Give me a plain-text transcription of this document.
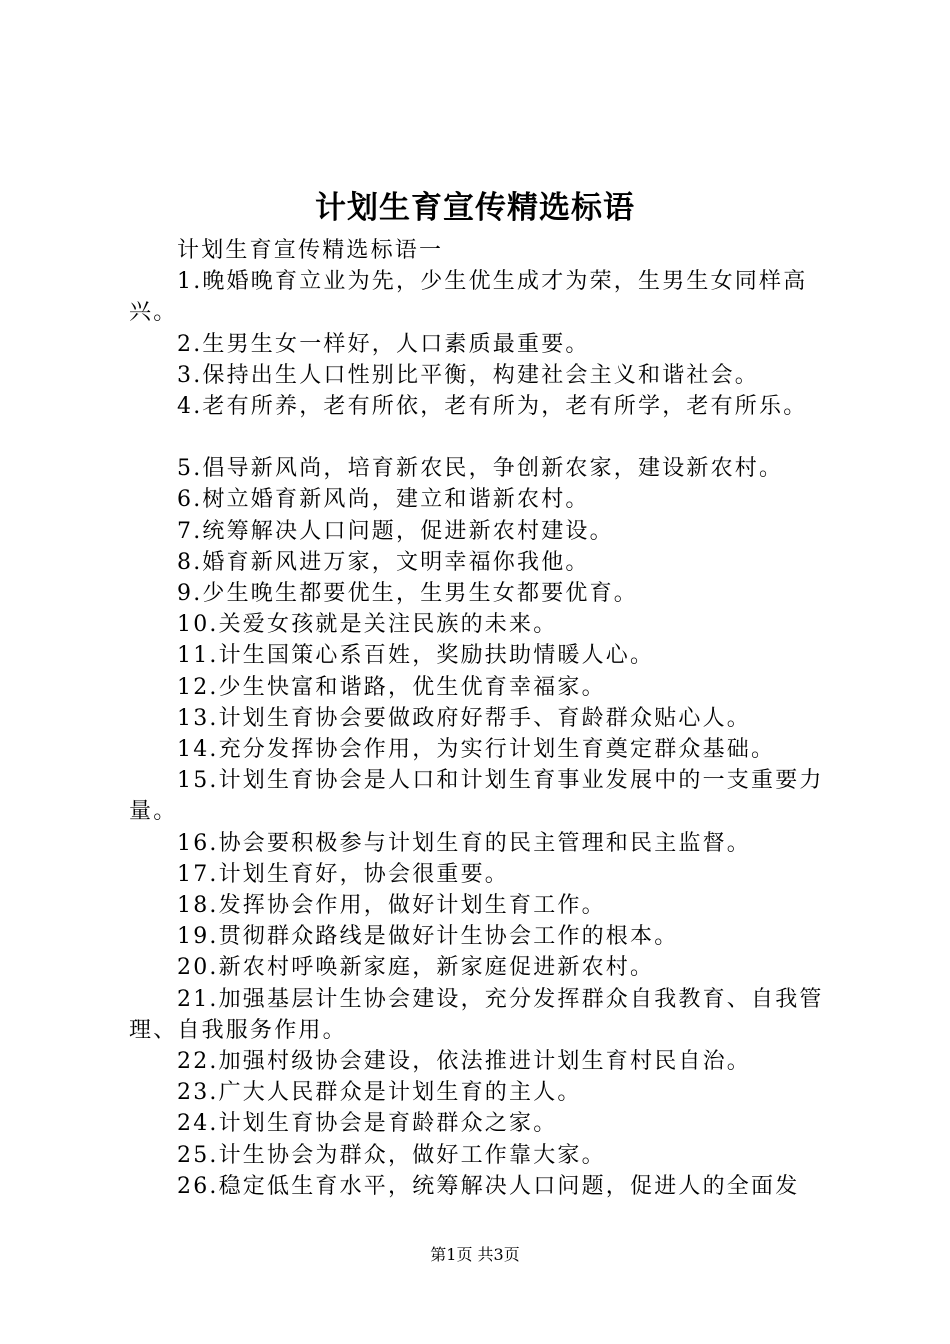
计划生育宣传精选标语

计划生育宣传精选标语一

1.晚婚晚育立业为先，少生优生成才为荣，生男生女同样高兴。

2.生男生女一样好，人口素质最重要。

3.保持出生人口性别比平衡，构建社会主义和谐社会。

4.老有所养，老有所依，老有所为，老有所学，老有所乐。

5.倡导新风尚，培育新农民，争创新农家，建设新农村。

6.树立婚育新风尚，建立和谐新农村。

7.统筹解决人口问题，促进新农村建设。

8.婚育新风进万家，文明幸福你我他。

9.少生晚生都要优生，生男生女都要优育。

10.关爱女孩就是关注民族的未来。

11.计生国策心系百姓，奖励扶助情暖人心。

12.少生快富和谐路，优生优育幸福家。

13.计划生育协会要做政府好帮手、育龄群众贴心人。

14.充分发挥协会作用，为实行计划生育奠定群众基础。

15.计划生育协会是人口和计划生育事业发展中的一支重要力量。

16.协会要积极参与计划生育的民主管理和民主监督。

17.计划生育好，协会很重要。

18.发挥协会作用，做好计划生育工作。

19.贯彻群众路线是做好计生协会工作的根本。

20.新农村呼唤新家庭，新家庭促进新农村。

21.加强基层计生协会建设，充分发挥群众自我教育、自我管理、自我服务作用。

22.加强村级协会建设，依法推进计划生育村民自治。

23.广大人民群众是计划生育的主人。

24.计划生育协会是育龄群众之家。

25.计生协会为群众，做好工作靠大家。

26.稳定低生育水平，统筹解决人口问题，促进人的全面发

第1页 共3页
